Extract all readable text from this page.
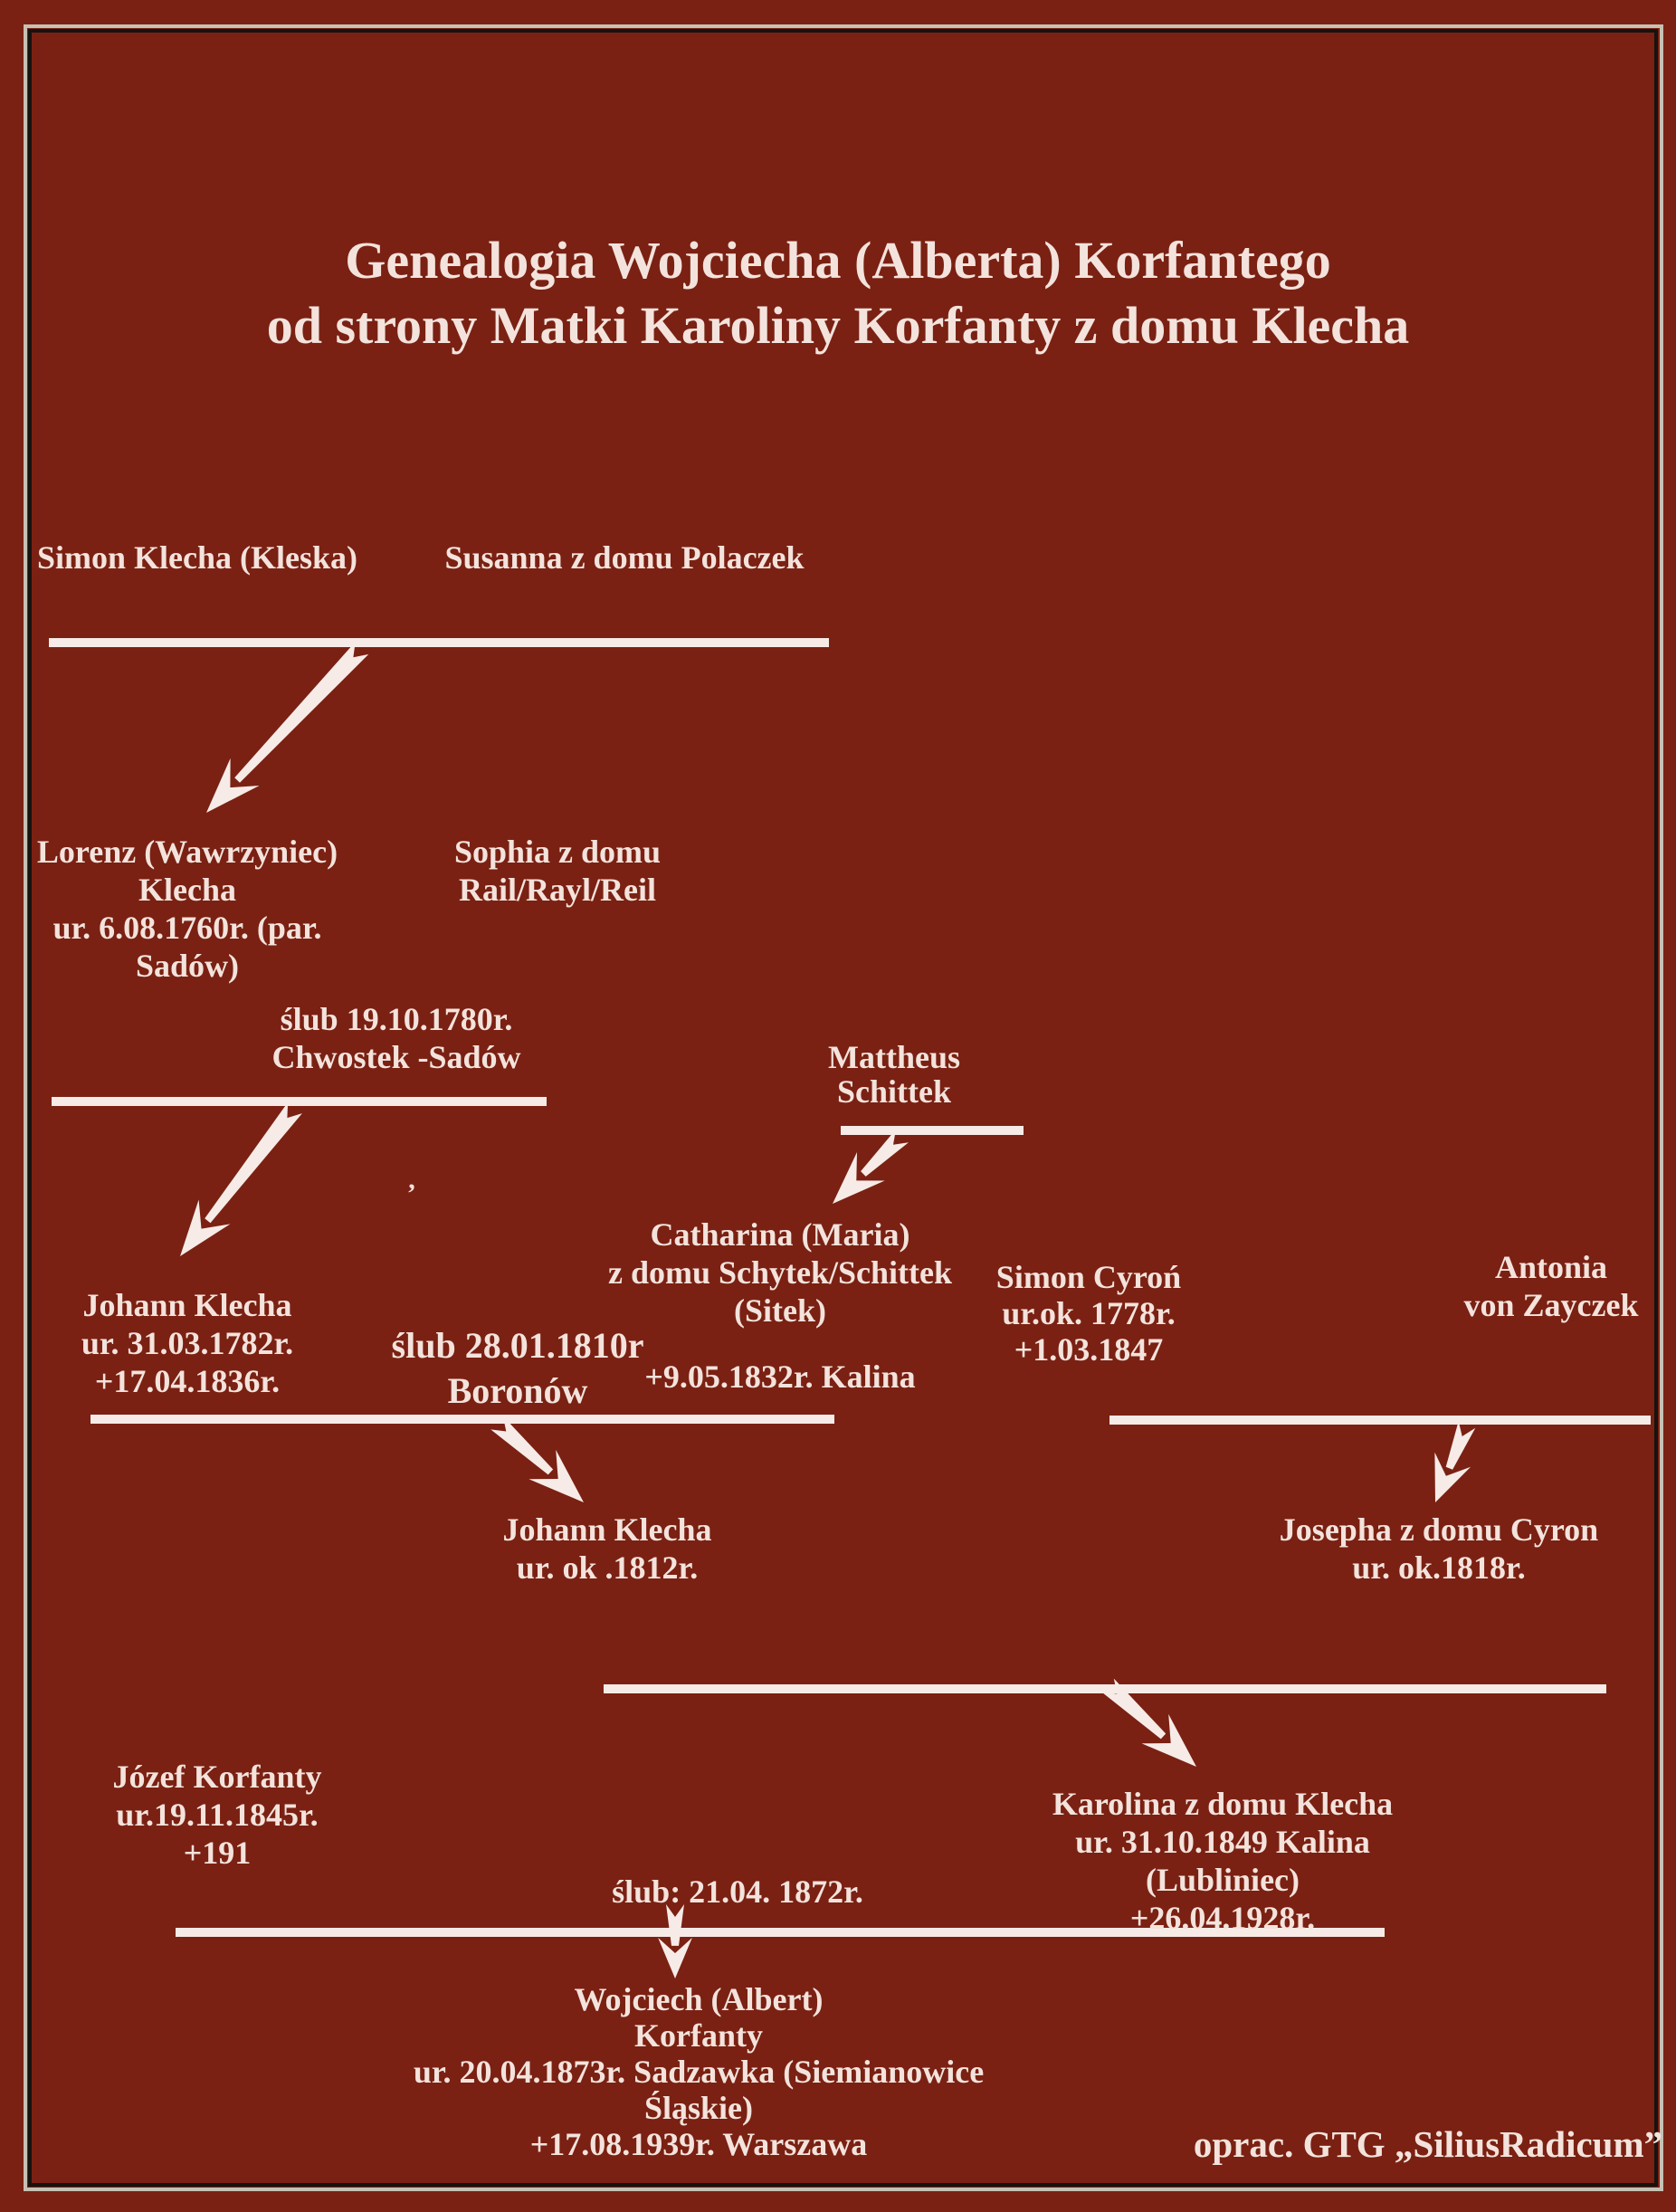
Genealogia Wojciecha (Alberta) Korfantego
od strony Matki Karoliny Korfanty z domu Klecha
Simon Klecha (Kleska)	Susanna z domu Polaczek
Lorenz (Wawrzyniec)
Klecha
ur. 6.08.1760r. (par.
Sadów)
Sophia z domu
Rail/Rayl/Reil
ślub 19.10.1780r.
Chwostek -Sadów
,
Mattheus
Schittek
Johann Klecha
ur. 31.03.1782r.
+17.04.1836r.
ślub 28.01.1810r
Boronów
Catharina (Maria)
z domu Schytek/Schittek
(Sitek)
+9.05.1832r. Kalina
Simon Cyroń
ur.ok. 1778r.
+1.03.1847
Antonia
von Zayczek
Johann Klecha
ur. ok .1812r.
Josepha z domu Cyron
ur. ok.1818r.
Józef Korfanty
ur.19.11.1845r.
+191
Karolina z domu Klecha
ur. 31.10.1849 Kalina
(Lubliniec)
+26.04.1928r.
ślub: 21.04. 1872r.
Wojciech (Albert)
Korfanty
ur. 20.04.1873r. Sadzawka (Siemianowice
Śląskie)
+17.08.1939r. Warszawa	oprac. GTG „SiliusRadicum”
